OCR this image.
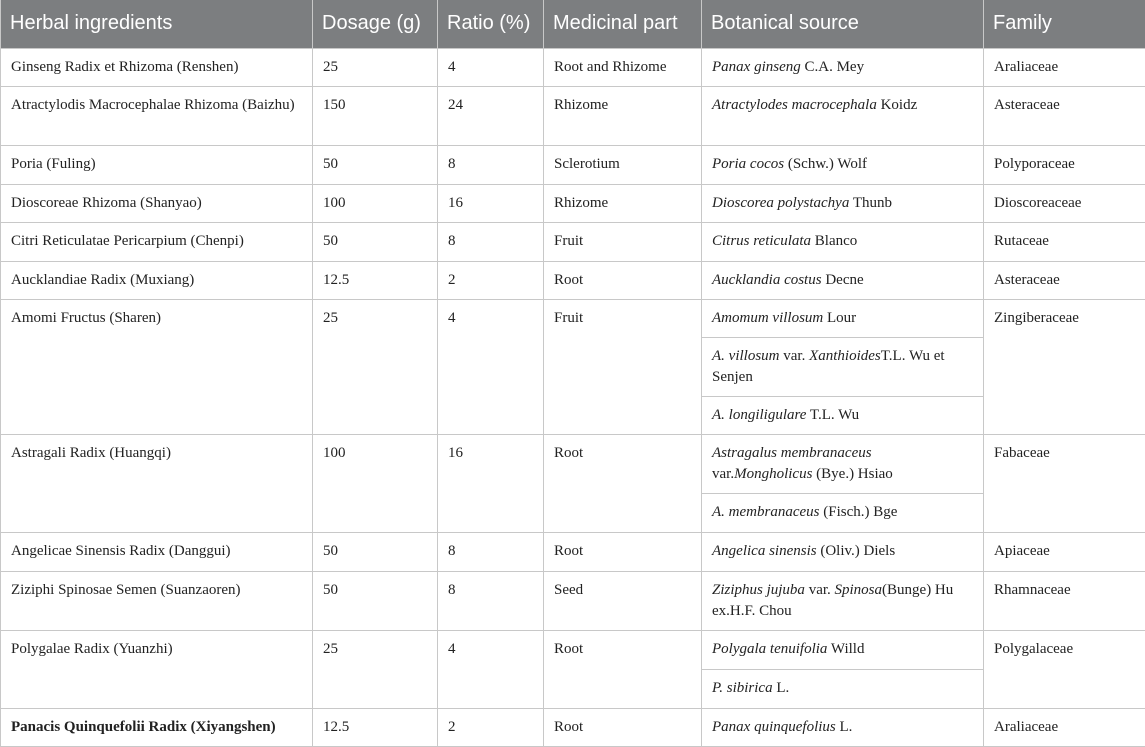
Herbal ingredients	Dosage (g)	Ratio (%)	Medicinal part	Botanical source	Family
Ginseng Radix et Rhizoma (Renshen)	25	4	Root and Rhizome	Panax ginseng C.A. Mey	Araliaceae
Atractylodis Macrocephalae Rhizoma (Baizhu)	150	24	Rhizome	Atractylodes macrocephala Koidz	Asteraceae
Poria (Fuling)	50	8	Sclerotium	Poria cocos (Schw.) Wolf	Polyporaceae
Dioscoreae Rhizoma (Shanyao)	100	16	Rhizome	Dioscorea polystachya Thunb	Dioscoreaceae
Citri Reticulatae Pericarpium (Chenpi)	50	8	Fruit	Citrus reticulata Blanco	Rutaceae
Aucklandiae Radix (Muxiang)	12.5	2	Root	Aucklandia costus Decne	Asteraceae
Amomi Fructus (Sharen)	25	4	Fruit	Amomum villosum Lour	Zingiberaceae
				A. villosum var. XanthioidesT.L. Wu et Senjen	
				A. longiligulare T.L. Wu	
Astragali Radix (Huangqi)	100	16	Root	Astragalus membranaceus var.Mongholicus (Bye.) Hsiao	Fabaceae
				A. membranaceus (Fisch.) Bge	
Angelicae Sinensis Radix (Danggui)	50	8	Root	Angelica sinensis (Oliv.) Diels	Apiaceae
Ziziphi Spinosae Semen (Suanzaoren)	50	8	Seed	Ziziphus jujuba var. Spinosa(Bunge) Hu ex.H.F. Chou	Rhamnaceae
Polygalae Radix (Yuanzhi)	25	4	Root	Polygala tenuifolia Willd	Polygalaceae
				P. sibirica L.	
Panacis Quinquefolii Radix (Xiyangshen)	12.5	2	Root	Panax quinquefolius L.	Araliaceae
